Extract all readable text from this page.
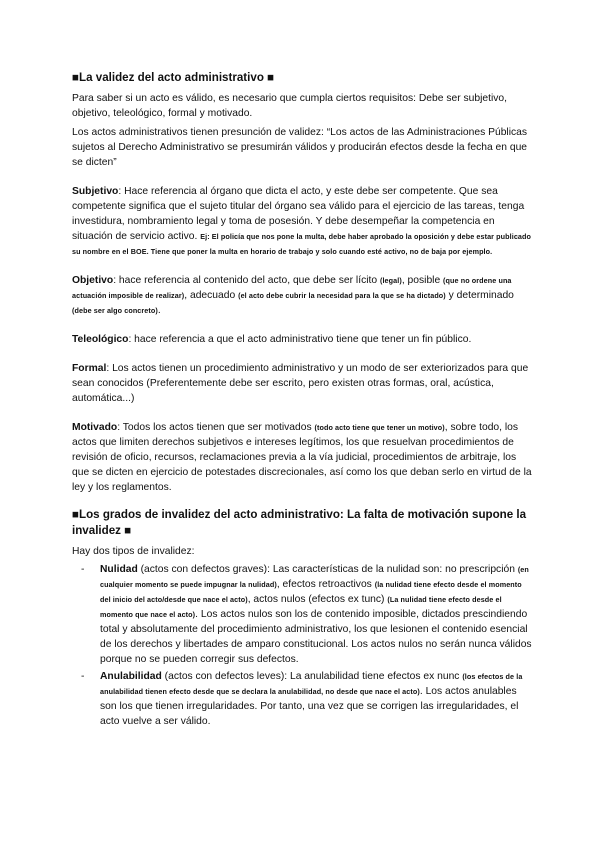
■La validez del acto administrativo ■

Para saber si un acto es válido, es necesario que cumpla ciertos requisitos: Debe ser subjetivo, objetivo, teleológico, formal y motivado.

Los actos administrativos tienen presunción de validez: “Los actos de las Administraciones Públicas sujetos al Derecho Administrativo se presumirán válidos y producirán efectos desde la fecha en que se dicten”

Subjetivo: Hace referencia al órgano que dicta el acto, y este debe ser competente. Que sea competente significa que el sujeto titular del órgano sea válido para el ejercicio de las tareas, tenga investidura, nombramiento legal y toma de posesión. Y debe desempeñar la competencia en situación de servicio activo. Ej: El policía que nos pone la multa, debe haber aprobado la oposición y debe estar publicado su nombre en el BOE. Tiene que poner la multa en horario de trabajo y solo cuando esté activo, no de baja por ejemplo.

Objetivo: hace referencia al contenido del acto, que debe ser lícito (legal), posible (que no ordene una actuación imposible de realizar), adecuado (el acto debe cubrir la necesidad para la que se ha dictado) y determinado (debe ser algo concreto).

Teleológico: hace referencia a que el acto administrativo tiene que tener un fin público.

Formal: Los actos tienen un procedimiento administrativo y un modo de ser exteriorizados para que sean conocidos (Preferentemente debe ser escrito, pero existen otras formas, oral, acústica, automática...)

Motivado: Todos los actos tienen que ser motivados (todo acto tiene que tener un motivo), sobre todo, los actos que limiten derechos subjetivos e intereses legítimos, los que resuelvan procedimientos de revisión de oficio, recursos, reclamaciones previa a la vía judicial, procedimientos de arbitraje, los que se dicten en ejercicio de potestades discrecionales, así como los que deban serlo en virtud de la ley y los reglamentos.

■Los grados de invalidez del acto administrativo: La falta de motivación supone la invalidez ■

Hay dos tipos de invalidez:

- Nulidad (actos con defectos graves): Las características de la nulidad son: no prescripción (en cualquier momento se puede impugnar la nulidad), efectos retroactivos (la nulidad tiene efecto desde el momento del inicio del acto/desde que nace el acto), actos nulos (efectos ex tunc) (La nulidad tiene efecto desde el momento que nace el acto). Los actos nulos son los de contenido imposible, dictados prescindiendo total y absolutamente del procedimiento administrativo, los que lesionen el contenido esencial de los derechos y libertades de amparo constitucional. Los actos nulos no serán nunca válidos porque no se pueden corregir sus defectos.
- Anulabilidad (actos con defectos leves): La anulabilidad tiene efectos ex nunc (los efectos de la anulabilidad tienen efecto desde que se declara la anulabilidad, no desde que nace el acto). Los actos anulables son los que tienen irregularidades. Por tanto, una vez que se corrigen las irregularidades, el acto vuelve a ser válido.
